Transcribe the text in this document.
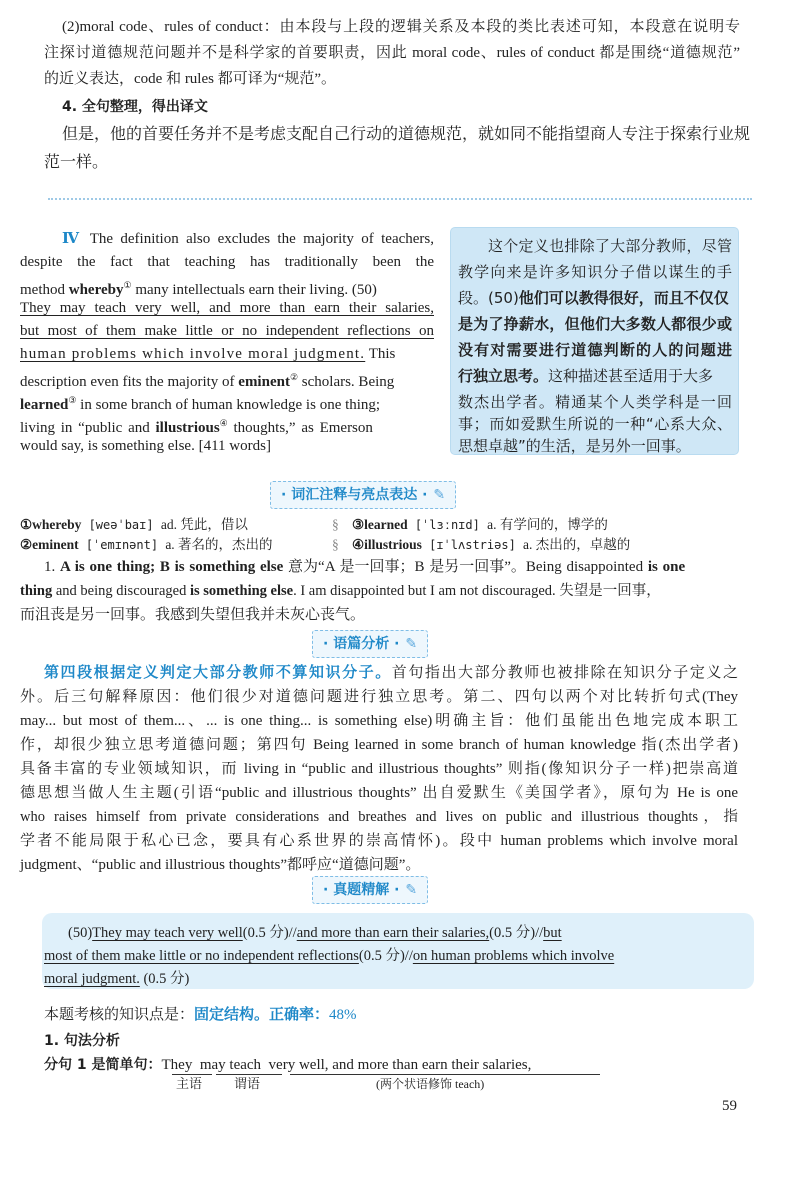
(2)moral code、rules of conduct：由本段与上段的逻辑关系及本段的类比表述可知，本段意在说明专

注探讨道德规范问题并不是科学家的首要职责，因此 moral code、rules of conduct 都是围绕“道德规范”

的近义表达，code 和 rules 都可译为“规范”。

4. 全句整理，得出译文

但是，他的首要任务并不是考虑支配自己行动的道德规范，就如同不能指望商人专注于探索行业规

范一样。

Ⅳ The definition also excludes the majority of teachers,

despite the fact that teaching has traditionally been the

method whereby① many intellectuals earn their living. (50)

They may teach very well, and more than earn their salaries,

but most of them make little or no independent reflections on

human problems which involve moral judgment. This

description even fits the majority of eminent② scholars. Being

learned③ in some branch of human knowledge is one thing;

living in “public and illustrious④ thoughts,” as Emerson

would say, is something else. [411 words]

这个定义也排除了大部分教师，尽管

教学向来是许多知识分子借以谋生的手

段。(50)他们可以教得很好，而且不仅仅

是为了挣薪水，但他们大多数人都很少或

没有对需要进行道德判断的人的问题进

行独立思考。这种描述甚至适用于大多

数杰出学者。精通某个人类学科是一回

事；而如爱默生所说的一种“心系大众、

思想卓越”的生活，是另外一回事。

· 词汇注释与亮点表达 · ✎

①whereby [weəˈbaɪ] ad. 凭此，借以

②eminent [ˈemɪnənt] a. 著名的，杰出的

§

§

③learned [ˈlɜːnɪd] a. 有学问的，博学的

④illustrious [ɪˈlʌstriəs] a. 杰出的，卓越的

1. A is one thing; B is something else 意为“A 是一回事；B 是另一回事”。Being disappointed is one

thing and being discouraged is something else. I am disappointed but I am not discouraged. 失望是一回事，

而沮丧是另一回事。我感到失望但我并未灰心丧气。

· 语篇分析 · ✎

第四段根据定义判定大部分教师不算知识分子。首句指出大部分教师也被排除在知识分子定义之

外。后三句解释原因：他们很少对道德问题进行独立思考。第二、四句以两个对比转折句式(They

may... but most of them...、... is one thing... is something else)明确主旨：他们虽能出色地完成本职工

作，却很少独立思考道德问题；第四句 Being learned in some branch of human knowledge 指(杰出学者)

具备丰富的专业领域知识，而 living in “public and illustrious thoughts” 则指(像知识分子一样)把崇高道

德思想当做人生主题(引语“public and illustrious thoughts” 出自爱默生《美国学者》，原句为 He is one

who raises himself from private considerations and breathes and lives on public and illustrious thoughts，指

学者不能局限于私心已念，要具有心系世界的崇高情怀)。段中 human problems which involve moral

judgment、“public and illustrious thoughts”都呼应“道德问题”。

· 真题精解 · ✎

(50)They may teach very well(0.5 分)//and more than earn their salaries,(0.5 分)//but

most of them make little or no independent reflections(0.5 分)//on human problems which involve

moral judgment. (0.5 分)

本题考核的知识点是：固定结构。正确率：48%

1. 句法分析

分句 1 是简单句：They may teach very well, and more than earn their salaries,

主语 谓语	(两个状语修饰 teach)

59
